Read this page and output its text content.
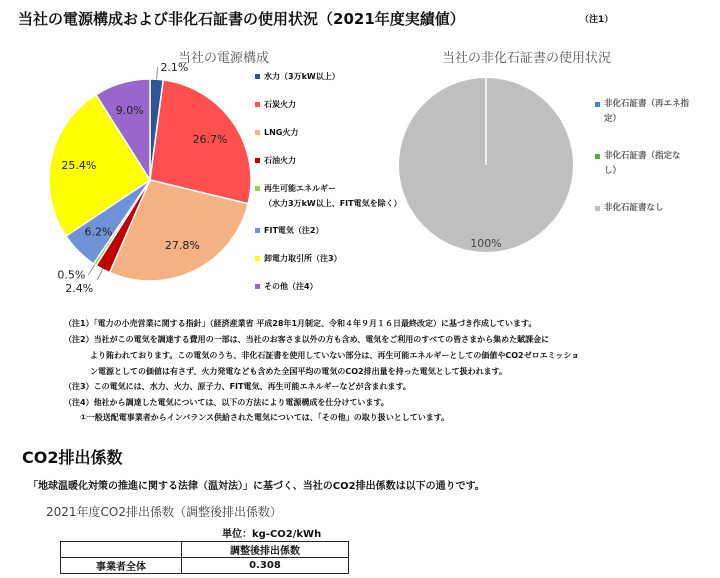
当社の電源構成および非化石証書の使用状況（2021年度実績値）	（注1）
当社の電源構成	当社の非化石証書の使用状況
2.1%
26.7%
27.8%
2.4%
0.5%
6.2%
25.4%
9.0%
水力（3万kW以上）
石炭火力
LNG火力
石油火力
再生可能エネルギー
（水力3万kW以上、FIT電気を除く）
FIT電気（注2）
卸電力取引所（注3）
その他（注4）
100%
非化石証書（再エネ指
定）
非化石証書（指定な
し）
非化石証書なし
（注1）「電力の小売営業に関する指針」（経済産業省 平成28年1月制定、令和４年９月１６日最終改定）に基づき作成しています。
（注2）当社がこの電気を調達する費用の一部は、当社のお客さま以外の方も含め、電気をご利用のすべての皆さまから集めた賦課金に
より賄われております。この電気のうち、非化石証書を使用していない部分は、再生可能エネルギーとしての価値やCO2ゼロエミッショ
ン電源としての価値は有さず、火力発電なども含めた全国平均の電気のCO2排出量を持った電気として扱われます。
（注3）この電気には、水力、火力、原子力、FIT電気、再生可能エネルギーなどが含まれます。
（注4）他社から調達した電気については、以下の方法により電源構成を仕分けています。
①一般送配電事業者からインバランス供給された電気については、「その他」の取り扱いとしています。
CO2排出係数
「地球温暖化対策の推進に関する法律（温対法）」に基づく、当社のCO2排出係数は以下の通りです。
2021年度CO2排出係数（調整後排出係数）
単位：kg-CO2/kWh
	調整後排出係数
事業者全体	0.308
